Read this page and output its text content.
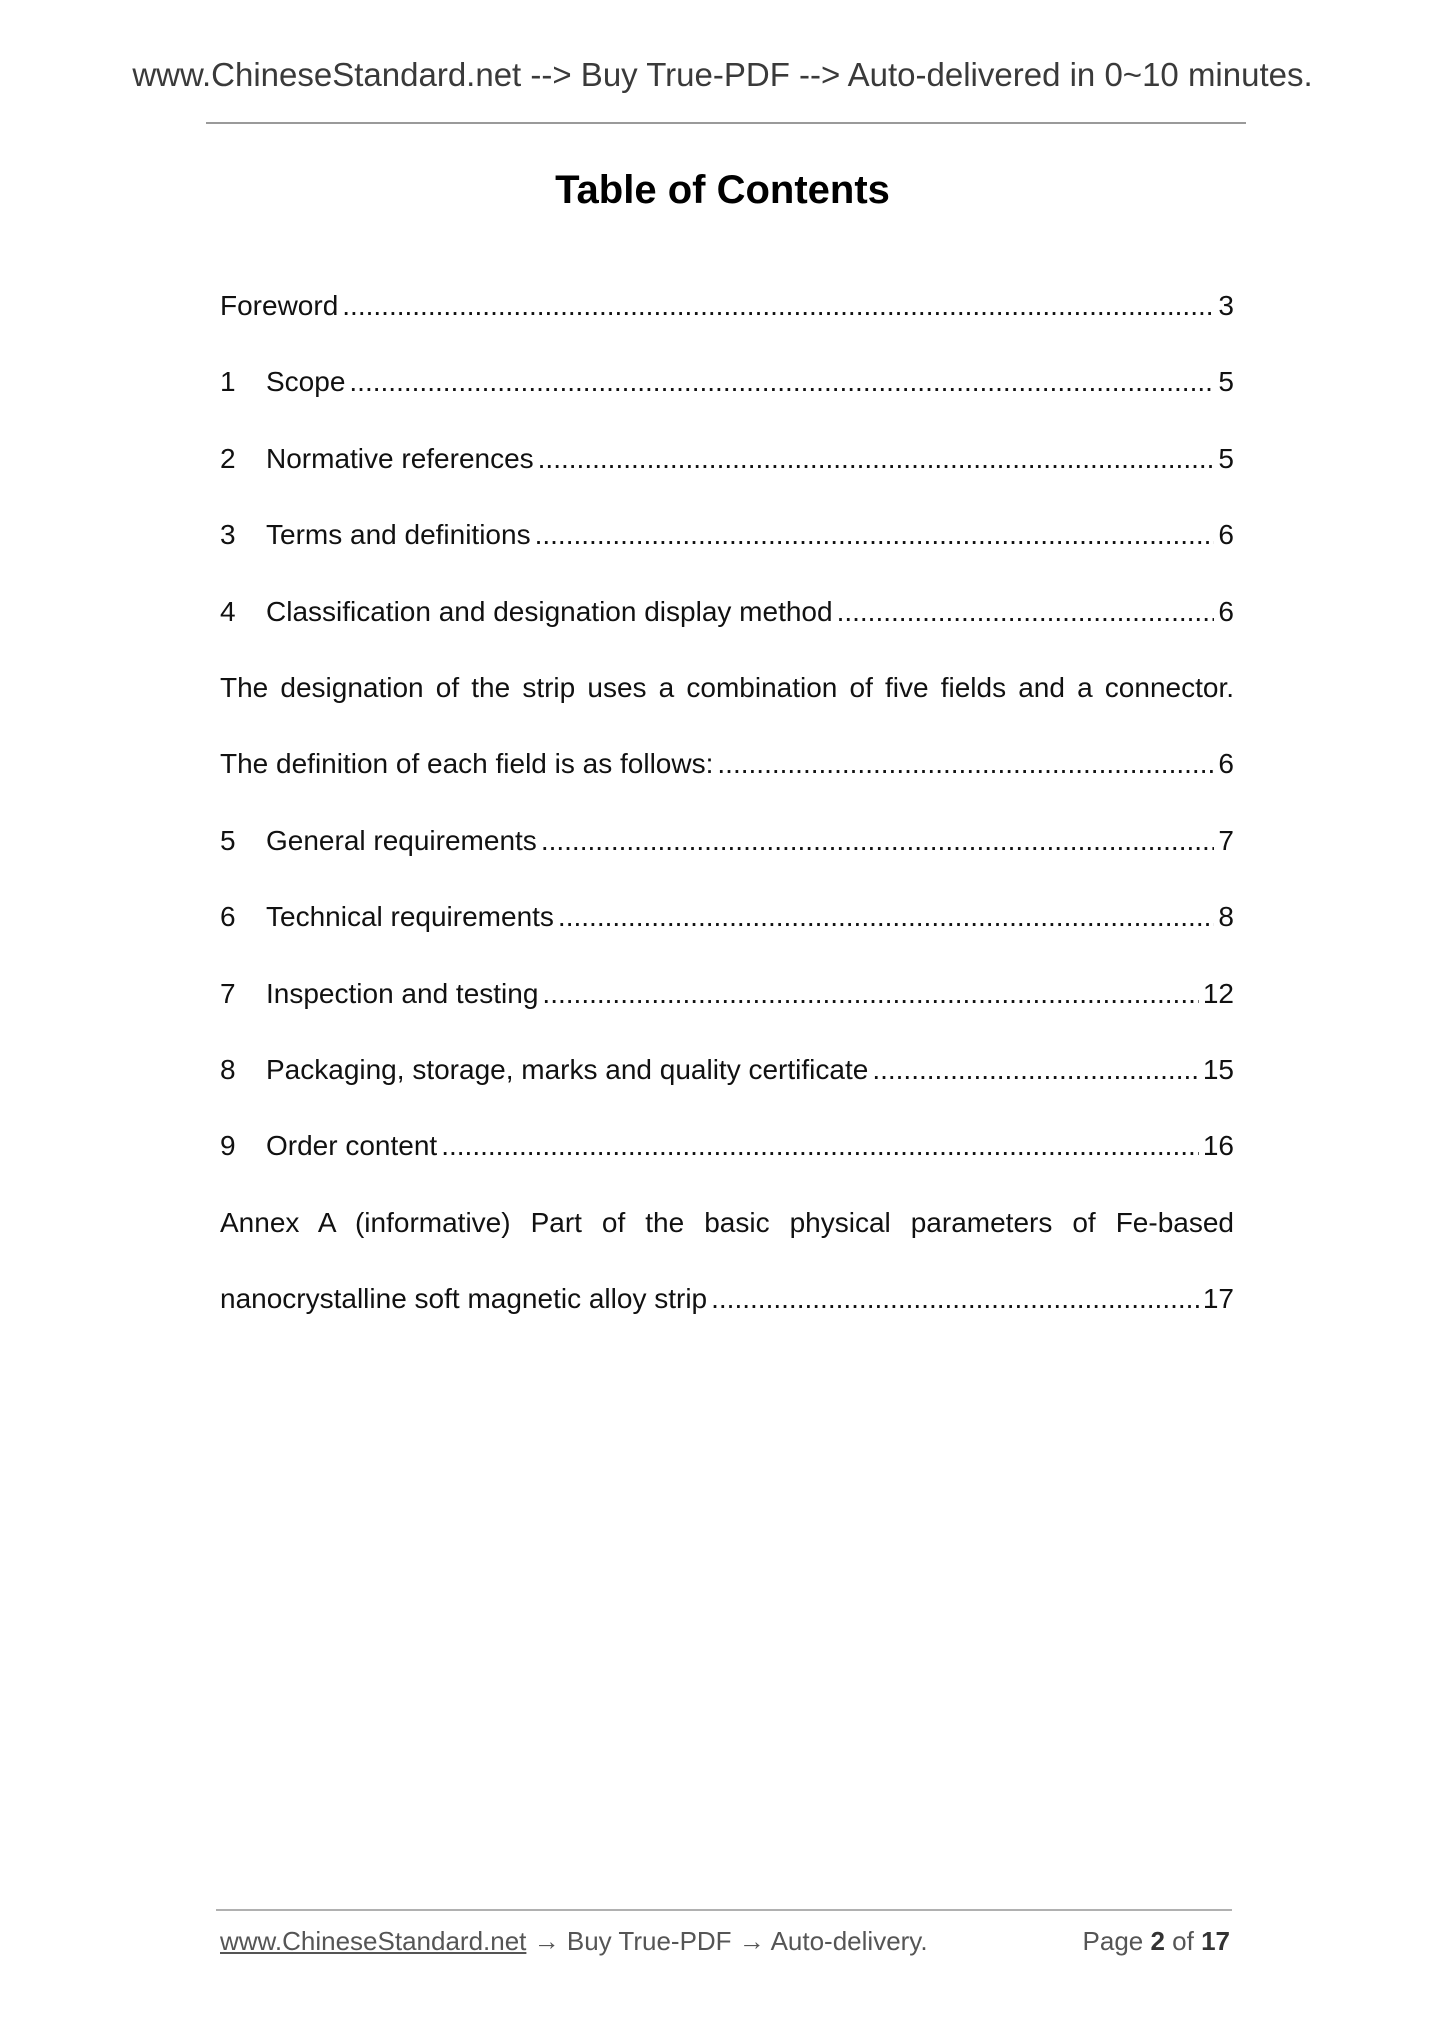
www.ChineseStandard.net --> Buy True-PDF --> Auto-delivered in 0~10 minutes.
Table of Contents
Foreword .....	3
1	Scope .....	5
2	Normative references .....	5
3	Terms and definitions .....	6
4	Classification and designation display method .....	6
The designation of the strip uses a combination of five fields and a connector.
The definition of each field is as follows: .....	6
5	General requirements .....	7
6	Technical requirements .....	8
7	Inspection and testing .....	12
8	Packaging, storage, marks and quality certificate .....	15
9	Order content .....	16
Annex A (informative) Part of the basic physical parameters of Fe-based
nanocrystalline soft magnetic alloy strip .....	17
www.ChineseStandard.net → Buy True-PDF → Auto-delivery.	Page 2 of 17
